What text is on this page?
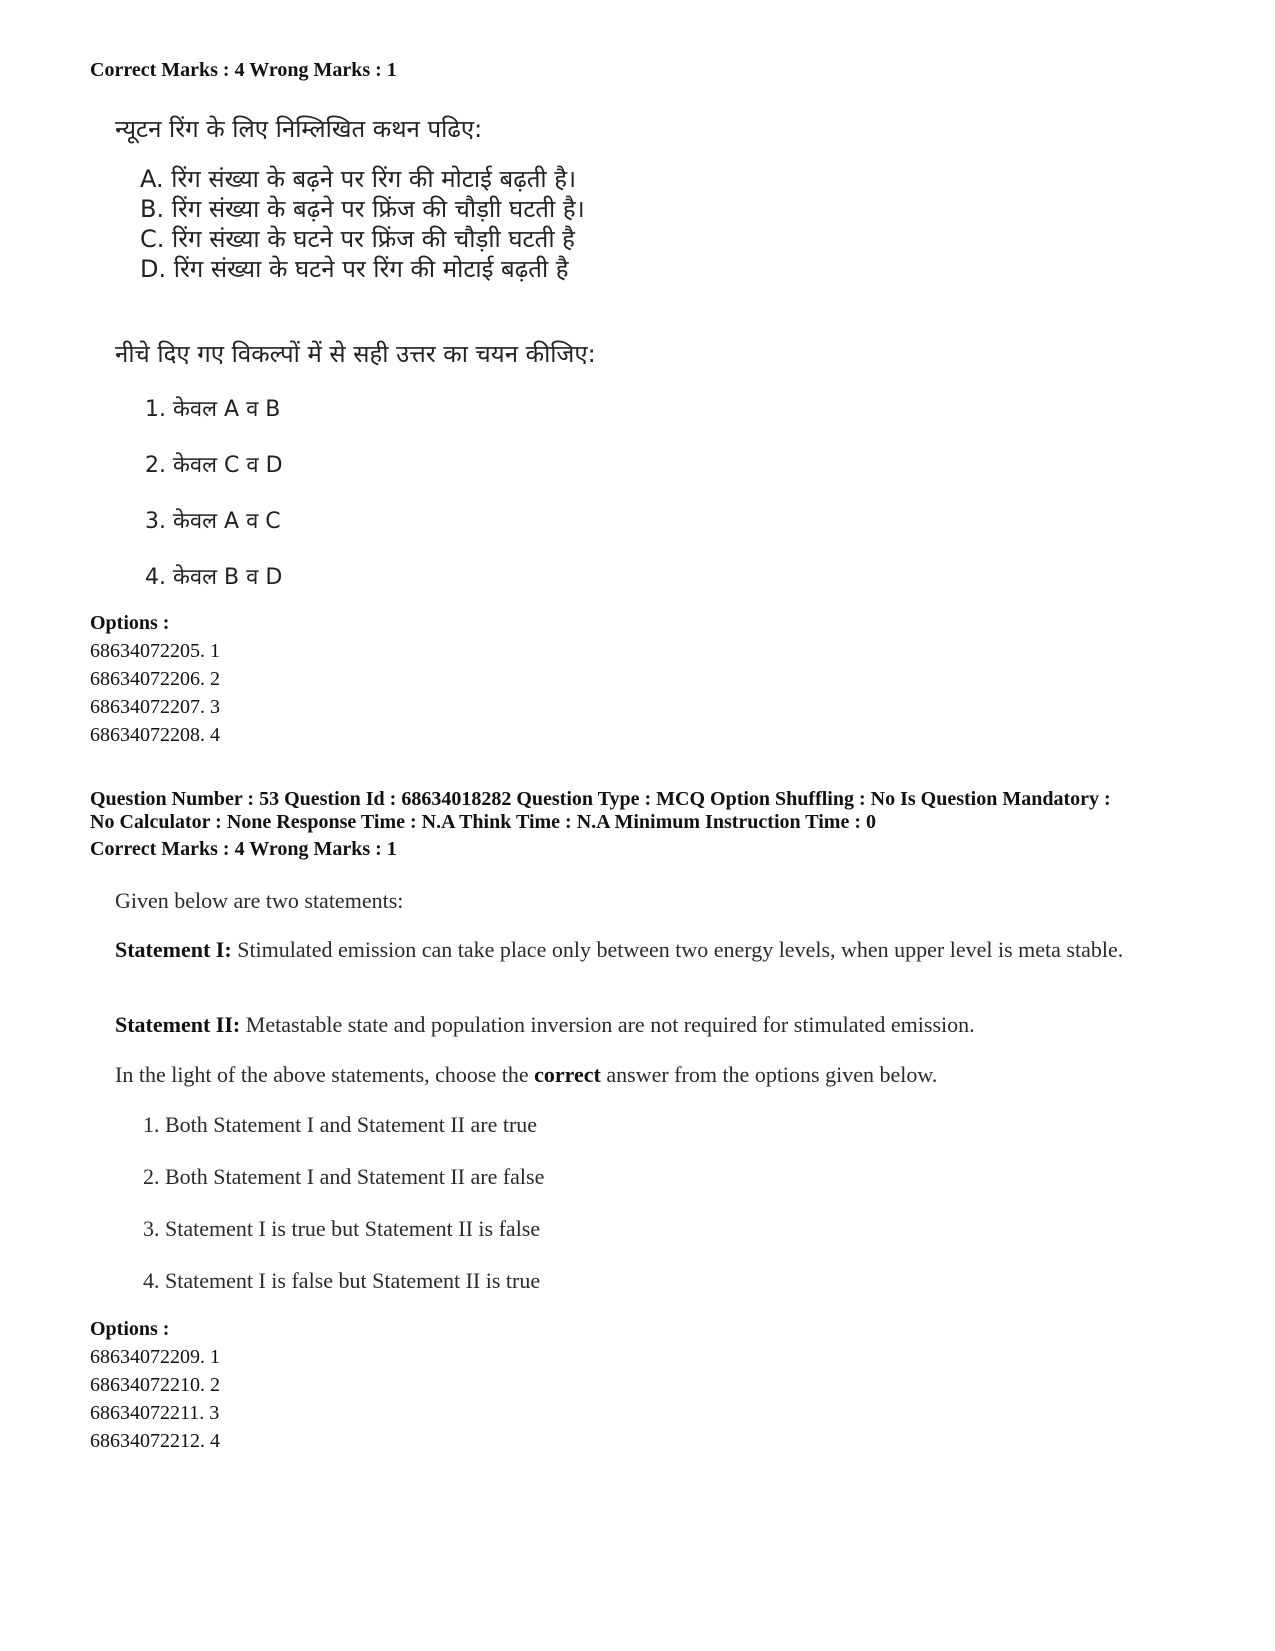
Correct Marks : 4 Wrong Marks : 1
न्यूटन रिंग के लिए निम्लिखित कथन पढिए:
A. रिंग संख्या के बढ़ने पर रिंग की मोटाई बढ़ती है।
B. रिंग संख्या के बढ़ने पर फ्रिंज की चौड़ाी घटती है।
C. रिंग संख्या के घटने पर फ्रिंज की चौड़ाी घटती है
D. रिंग संख्या के घटने पर रिंग की मोटाई बढ़ती है
नीचे दिए गए विकल्पों में से सही उत्तर का चयन कीजिए:
1. केवल A व B
2. केवल C व D
3. केवल A व C
4. केवल B व D
Options :
68634072205. 1
68634072206. 2
68634072207. 3
68634072208. 4
Question Number : 53 Question Id : 68634018282 Question Type : MCQ Option Shuffling : No Is Question Mandatory :
No Calculator : None Response Time : N.A Think Time : N.A Minimum Instruction Time : 0
Correct Marks : 4 Wrong Marks : 1
Given below are two statements:
Statement I: Stimulated emission can take place only between two energy levels, when upper level is meta stable.
Statement II: Metastable state and population inversion are not required for stimulated emission.
In the light of the above statements, choose the correct answer from the options given below.
1. Both Statement I and Statement II are true
2. Both Statement I and Statement II are false
3. Statement I is true but Statement II is false
4. Statement I is false but Statement II is true
Options :
68634072209. 1
68634072210. 2
68634072211. 3
68634072212. 4
